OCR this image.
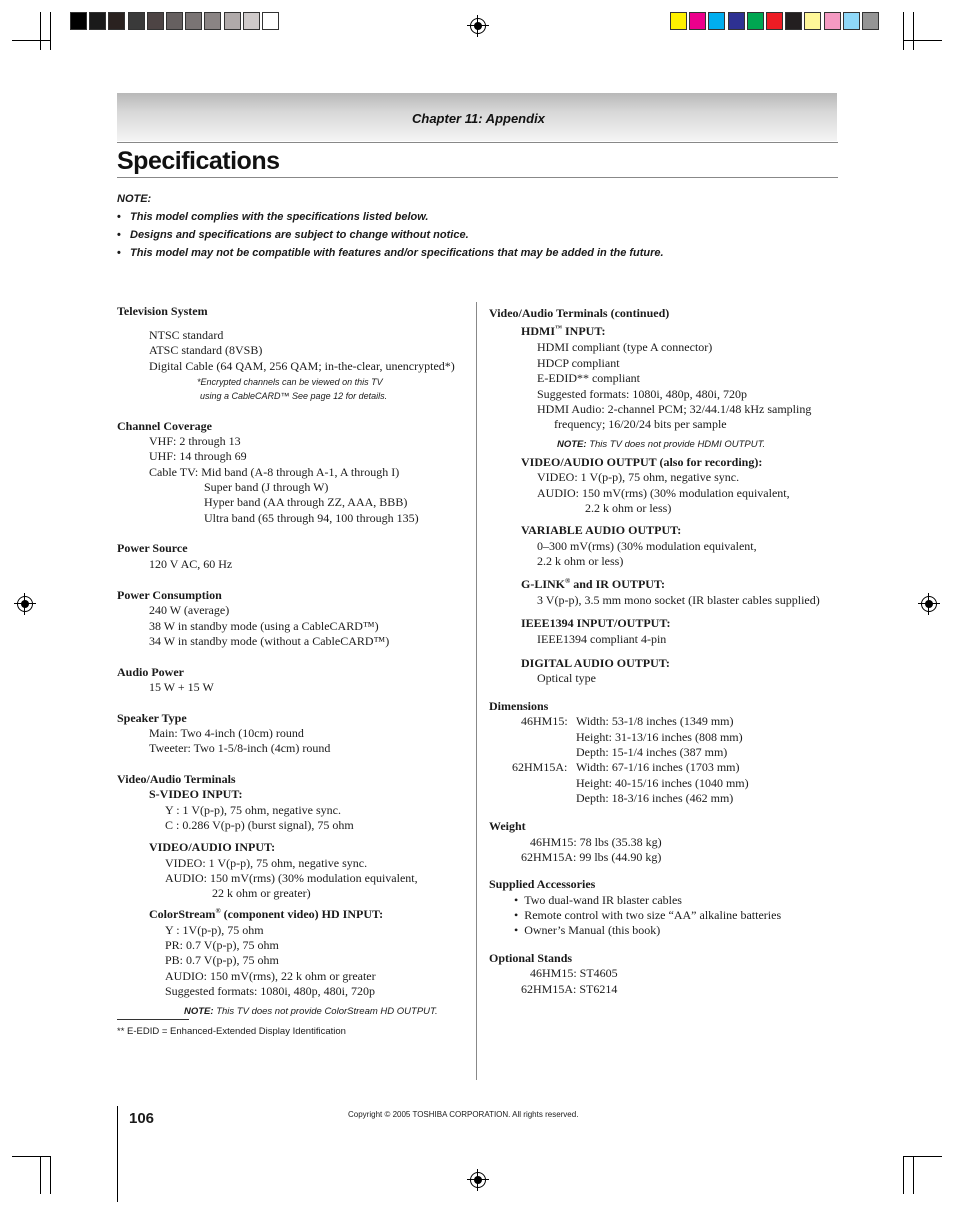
Chapter 11: Appendix
Specifications
NOTE:
• This model complies with the specifications listed below.
• Designs and specifications are subject to change without notice.
• This model may not be compatible with features and/or specifications that may be added in the future.
Television System
NTSC standard
ATSC standard (8VSB)
Digital Cable (64 QAM, 256 QAM; in-the-clear, unencrypted*)
*Encrypted channels can be viewed on this TV
using a CableCARD™ See page 12 for details.
Channel Coverage
VHF: 2 through 13
UHF: 14 through 69
Cable TV: Mid band (A-8 through A-1, A through I)
Super band (J through W)
Hyper band (AA through ZZ, AAA, BBB)
Ultra band (65 through 94, 100 through 135)
Power Source
120 V AC, 60 Hz
Power Consumption
240 W (average)
38 W in standby mode (using a CableCARD™)
34 W in standby mode (without a CableCARD™)
Audio Power
15 W + 15 W
Speaker Type
Main: Two 4-inch (10cm) round
Tweeter: Two 1-5/8-inch (4cm) round
Video/Audio Terminals
S-VIDEO INPUT:
Y : 1 V(p-p), 75 ohm, negative sync.
C : 0.286 V(p-p) (burst signal), 75 ohm
VIDEO/AUDIO INPUT:
VIDEO: 1 V(p-p), 75 ohm, negative sync.
AUDIO: 150 mV(rms) (30% modulation equivalent,
22 k ohm or greater)
ColorStream® (component video) HD INPUT:
Y : 1V(p-p), 75 ohm
PR: 0.7 V(p-p), 75 ohm
PB: 0.7 V(p-p), 75 ohm
AUDIO: 150 mV(rms), 22 k ohm or greater
Suggested formats: 1080i, 480p, 480i, 720p
NOTE: This TV does not provide ColorStream HD OUTPUT.
** E-EDID = Enhanced-Extended Display Identification
Video/Audio Terminals (continued)
HDMI™ INPUT:
HDMI compliant (type A connector)
HDCP compliant
E-EDID** compliant
Suggested formats: 1080i, 480p, 480i, 720p
HDMI Audio: 2-channel PCM; 32/44.1/48 kHz sampling
frequency; 16/20/24 bits per sample
NOTE: This TV does not provide HDMI OUTPUT.
VIDEO/AUDIO OUTPUT (also for recording):
VIDEO: 1 V(p-p), 75 ohm, negative sync.
AUDIO: 150 mV(rms) (30% modulation equivalent,
2.2 k ohm or less)
VARIABLE AUDIO OUTPUT:
0–300 mV(rms) (30% modulation equivalent,
2.2 k ohm or less)
G-LINK® and IR OUTPUT:
3 V(p-p), 3.5 mm mono socket (IR blaster cables supplied)
IEEE1394 INPUT/OUTPUT:
IEEE1394 compliant 4-pin
DIGITAL AUDIO OUTPUT:
Optical type
Dimensions
46HM15: Width: 53-1/8 inches (1349 mm)
Height: 31-13/16 inches (808 mm)
Depth: 15-1/4 inches (387 mm)
62HM15A: Width: 67-1/16 inches (1703 mm)
Height: 40-15/16 inches (1040 mm)
Depth: 18-3/16 inches (462 mm)
Weight
46HM15: 78 lbs (35.38 kg)
62HM15A: 99 lbs (44.90 kg)
Supplied Accessories
•  Two dual-wand IR blaster cables
•  Remote control with two size “AA” alkaline batteries
•  Owner’s Manual (this book)
Optional Stands
46HM15: ST4605
62HM15A: ST6214
106	Copyright © 2005 TOSHIBA CORPORATION. All rights reserved.
